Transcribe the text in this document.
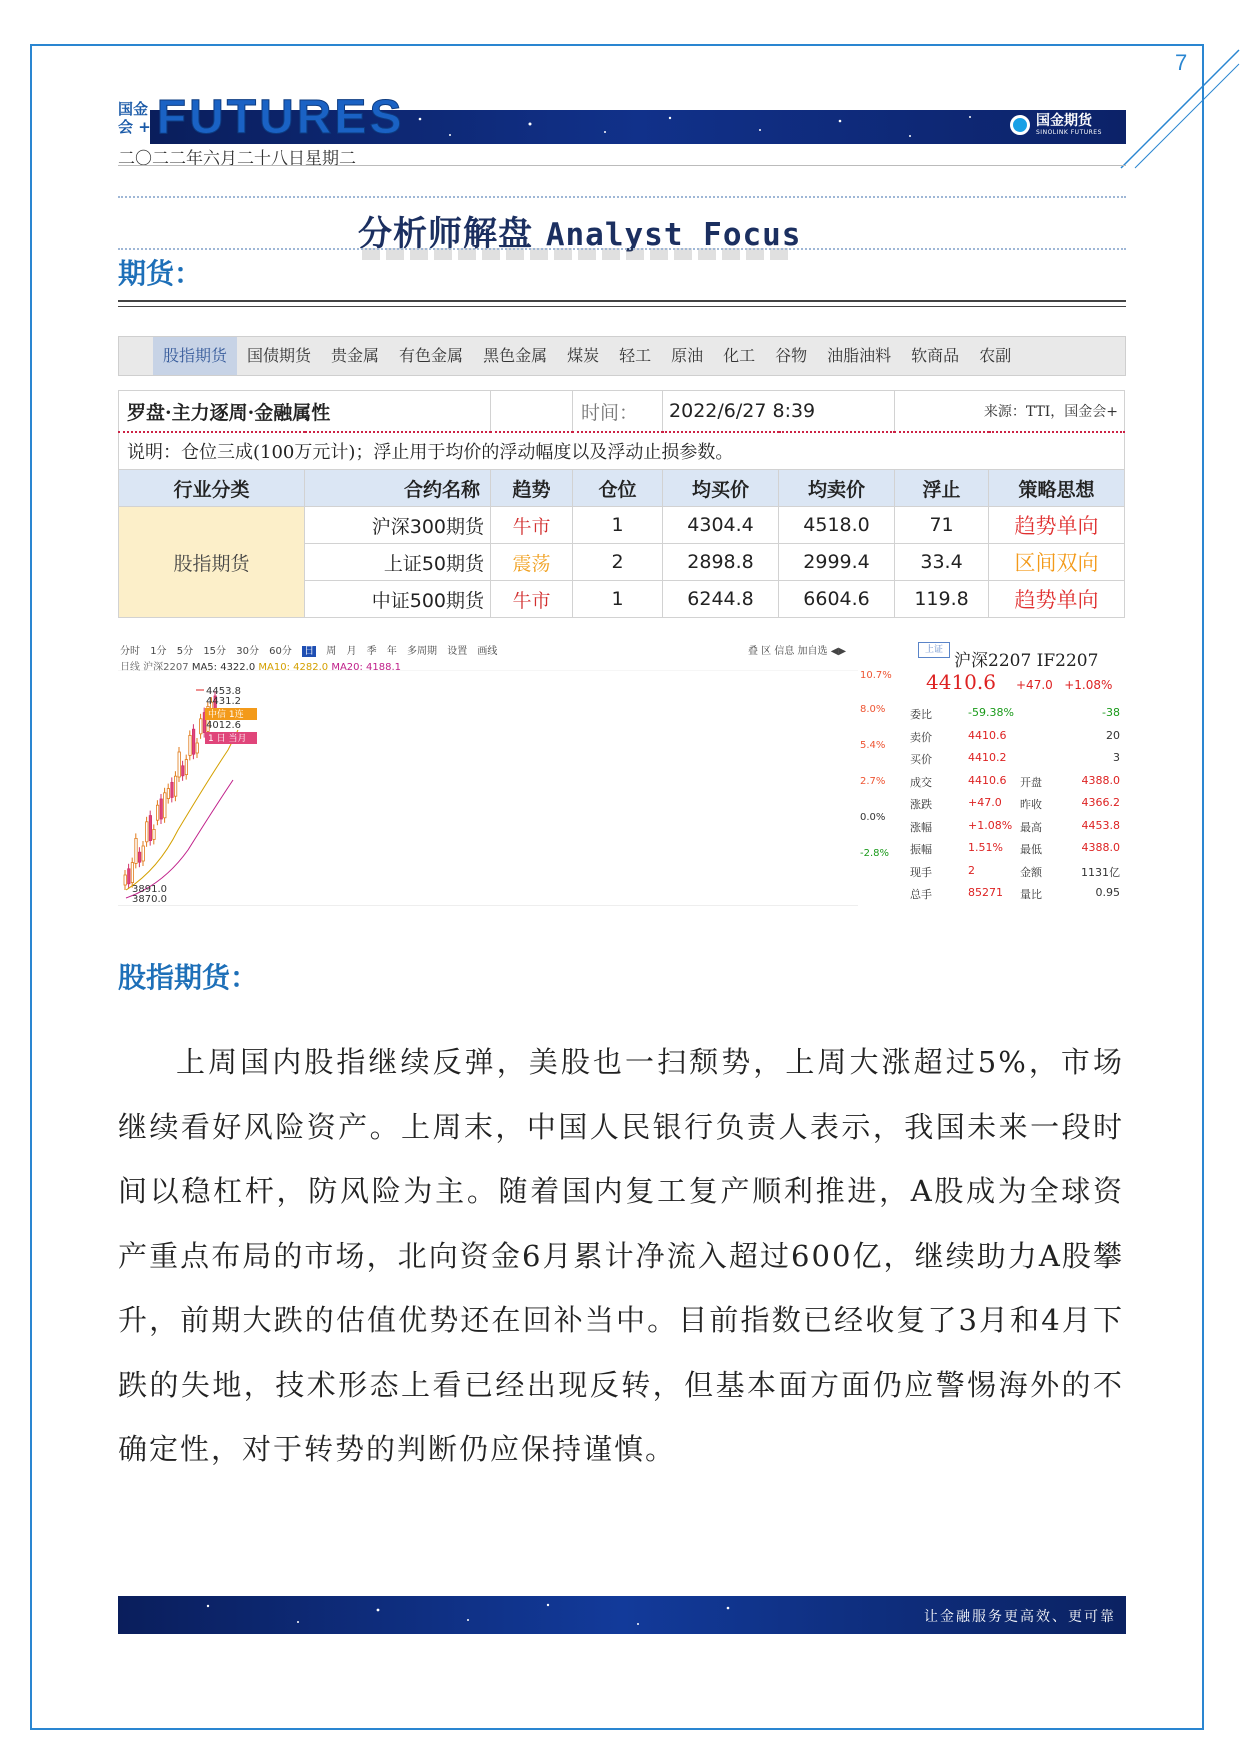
7
国金
会 + FUTURES	国金期货
SINOLINK FUTURES
二〇二二年六月二十八日星期二
分析师解盘 Analyst Focus
期货：
股指期货	国债期货	贵金属	有色金属	黑色金属	煤炭	轻工	原油	化工	谷物	油脂油料	软商品	农副
罗盘·主力逐周·金融属性			时间：	2022/6/27 8:39		来源：TTI，国金会+	
说明：仓位三成(100万元计)；浮止用于均价的浮动幅度以及浮动止损参数。							
行业分类	合约名称	趋势	仓位	均买价	均卖价	浮止	策略思想
股指期货	沪深300期货	牛市	1	4304.4	4518.0	71	趋势单向
	上证50期货	震荡	2	2898.8	2999.4	33.4	区间双向
	中证500期货	牛市	1	6244.8	6604.6	119.8	趋势单向
分时 1分 5分 15分 30分 60分 日 周 月 季 年 多周期 设置 画线	叠 区 信息 加自选 ◀▶
日线 沪深2207 MA5: 4322.0 MA10: 4282.0 MA20: 4188.1
4453.8
4431.2
中信 1连
4012.6
1 日 当月
3891.0
3870.0
10.7%
8.0%
5.4%
2.7%
0.0%
-2.8%
上证
沪深2207 IF2207
4410.6 +47.0 +1.08%
委比	-59.38%	-38
卖价	4410.6	20
买价	4410.2	3
成交	4410.6 开盘	4388.0
涨跌	+47.0 昨收	4366.2
涨幅	+1.08% 最高	4453.8
振幅	1.51% 最低	4388.0
现手	2	金额	1131亿
总手	85271 量比	0.95
股指期货：
上周国内股指继续反弹，美股也一扫颓势，上周大涨超过5%，市场继续看好风险资产。上周末，中国人民银行负责人表示，我国未来一段时间以稳杠杆，防风险为主。随着国内复工复产顺利推进，A股成为全球资产重点布局的市场，北向资金6月累计净流入超过600亿，继续助力A股攀升，前期大跌的估值优势还在回补当中。目前指数已经收复了3月和4月下跌的失地，技术形态上看已经出现反转，但基本面方面仍应警惕海外的不确定性，对于转势的判断仍应保持谨慎。
让金融服务更高效、更可靠
